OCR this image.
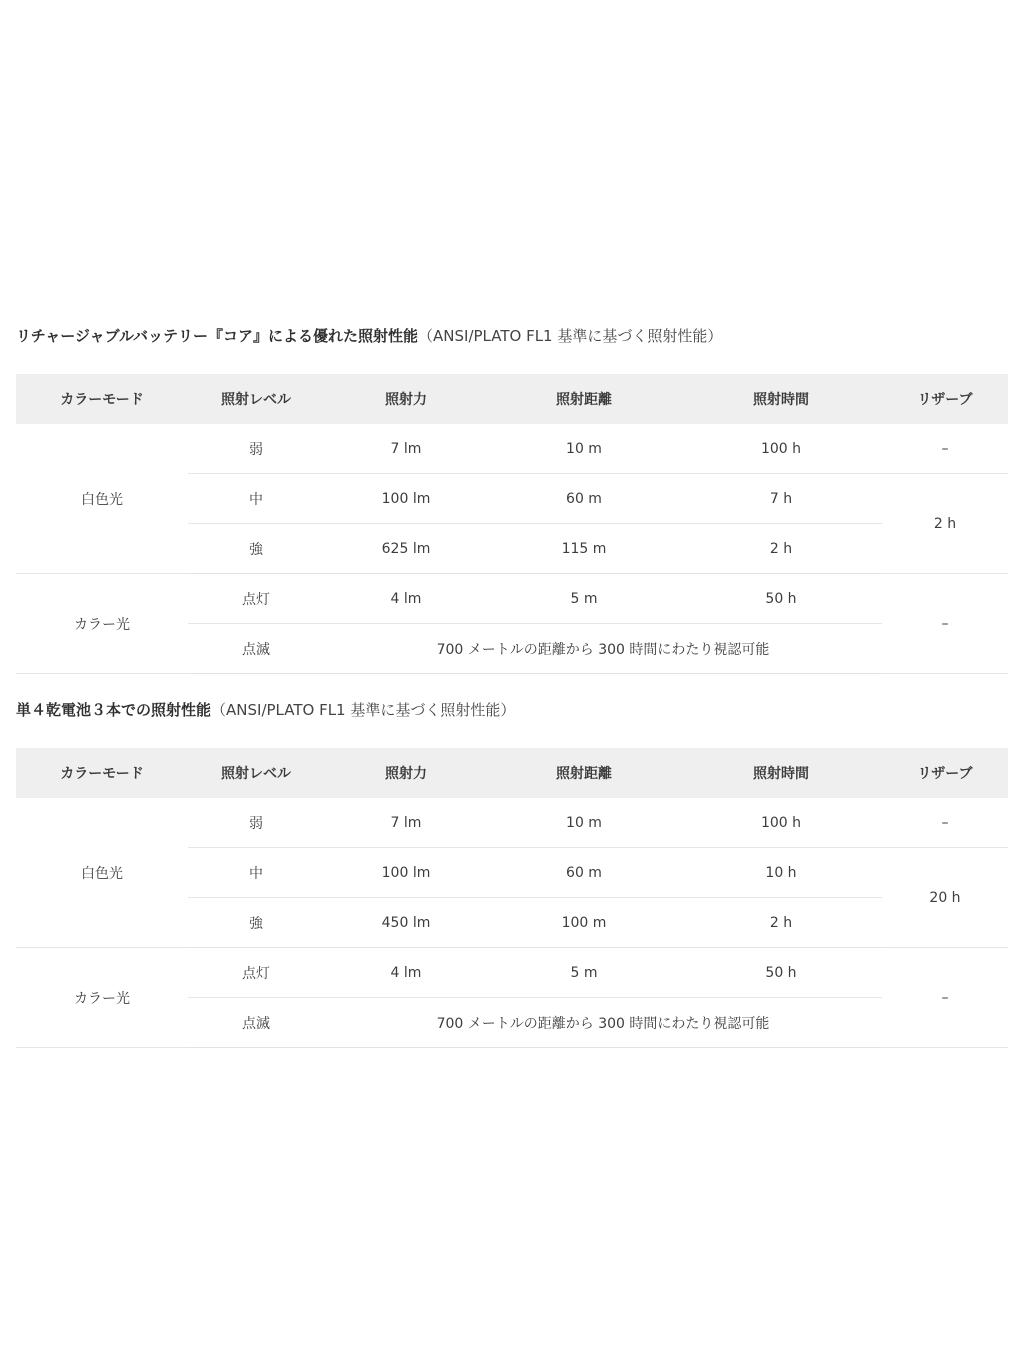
リチャージャブルバッテリー『コア』による優れた照射性能（ANSI/PLATO FL1 基準に基づく照射性能）
カラーモード	照射レベル	照射力	照射距離	照射時間	リザーブ
白色光	弱	7 lm	10 m	100 h	–
	中	100 lm	60 m	7 h	2 h
	強	625 lm	115 m	2 h	
カラー光	点灯	4 lm	5 m	50 h	–
	点滅	700 メートルの距離から 300 時間にわたり視認可能			
単４乾電池３本での照射性能（ANSI/PLATO FL1 基準に基づく照射性能）
カラーモード	照射レベル	照射力	照射距離	照射時間	リザーブ
白色光	弱	7 lm	10 m	100 h	–
	中	100 lm	60 m	10 h	20 h
	強	450 lm	100 m	2 h	
カラー光	点灯	4 lm	5 m	50 h	–
	点滅	700 メートルの距離から 300 時間にわたり視認可能			
